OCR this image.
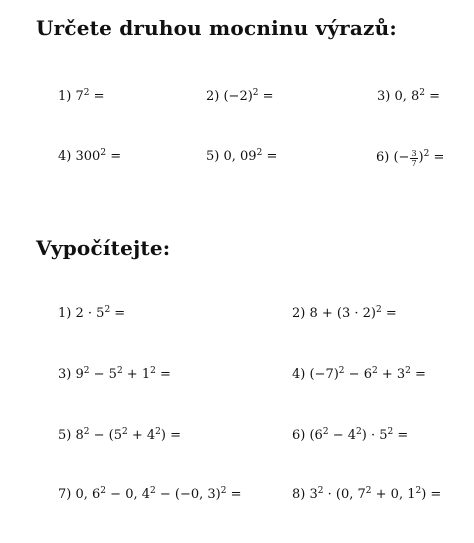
Určete druhou mocninu výrazů:
1) $7^2$ =	2) $(-2)^2$ =	3) 0, $8^2$ =
4) $300^2$ =	5) 0, $09^2$ =	6) (− $\frac{3}{7} )^2$ =
Vypočítejte:
1) $2 \cdot 5^2$ =	2) $8 + (3 \cdot 2)^2$ =
3) $9^2 - 5^2 + 1^2$ =	4) $(-7)^2 - 6^2 + 3^2$ =
5) $8^2 - (5^2 + 4^2)$ =	6) $(6^2 - 4^2) \cdot 5^2$ =
7) 0, $6^2 - 0$, $4^2 - (-0$, 3)$^2$ =	8) $3^2 \cdot (0$, $7^2 + 0$, $1^2$) =
